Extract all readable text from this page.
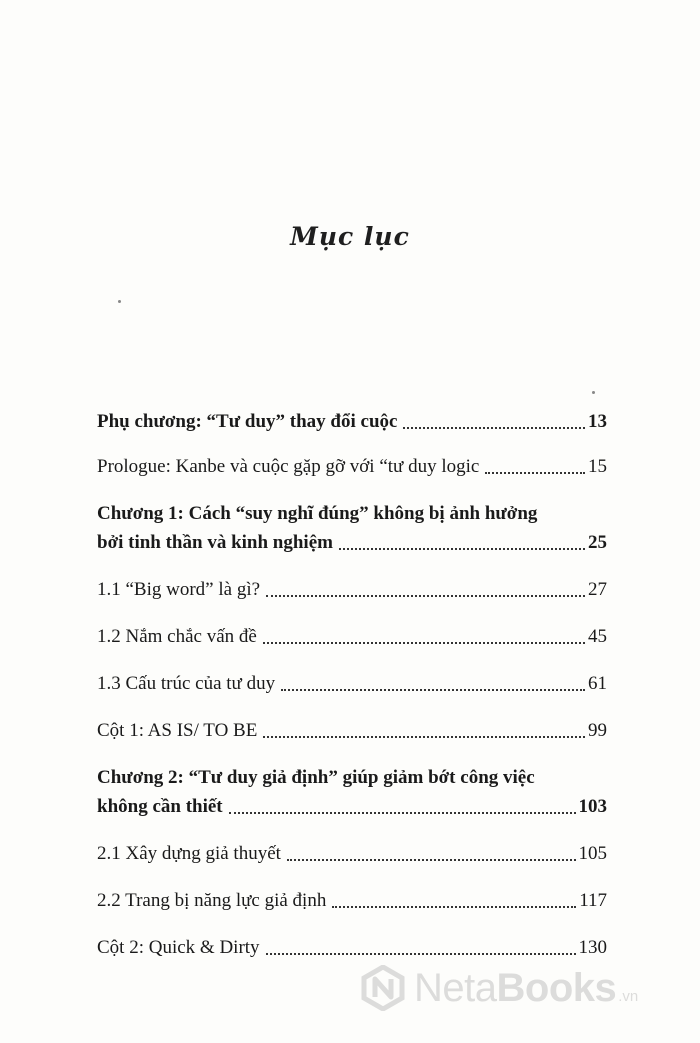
Mục lục
Phụ chương: “Tư duy” thay đổi cuộc	13
Prologue: Kanbe và cuộc gặp gỡ với “tư duy logic	15
Chương 1: Cách “suy nghĩ đúng” không bị ảnh hưởng
bởi tinh thần và kinh nghiệm	25
1.1 “Big word” là gì?	27
1.2 Nắm chắc vấn đề	45
1.3 Cấu trúc của tư duy	61
Cột 1: AS IS/ TO BE	99
Chương 2: “Tư duy giả định” giúp giảm bớt công việc
không cần thiết	103
2.1 Xây dựng giả thuyết	105
2.2 Trang bị năng lực giả định	117
Cột 2: Quick & Dirty	130
NetaBooks .vn
